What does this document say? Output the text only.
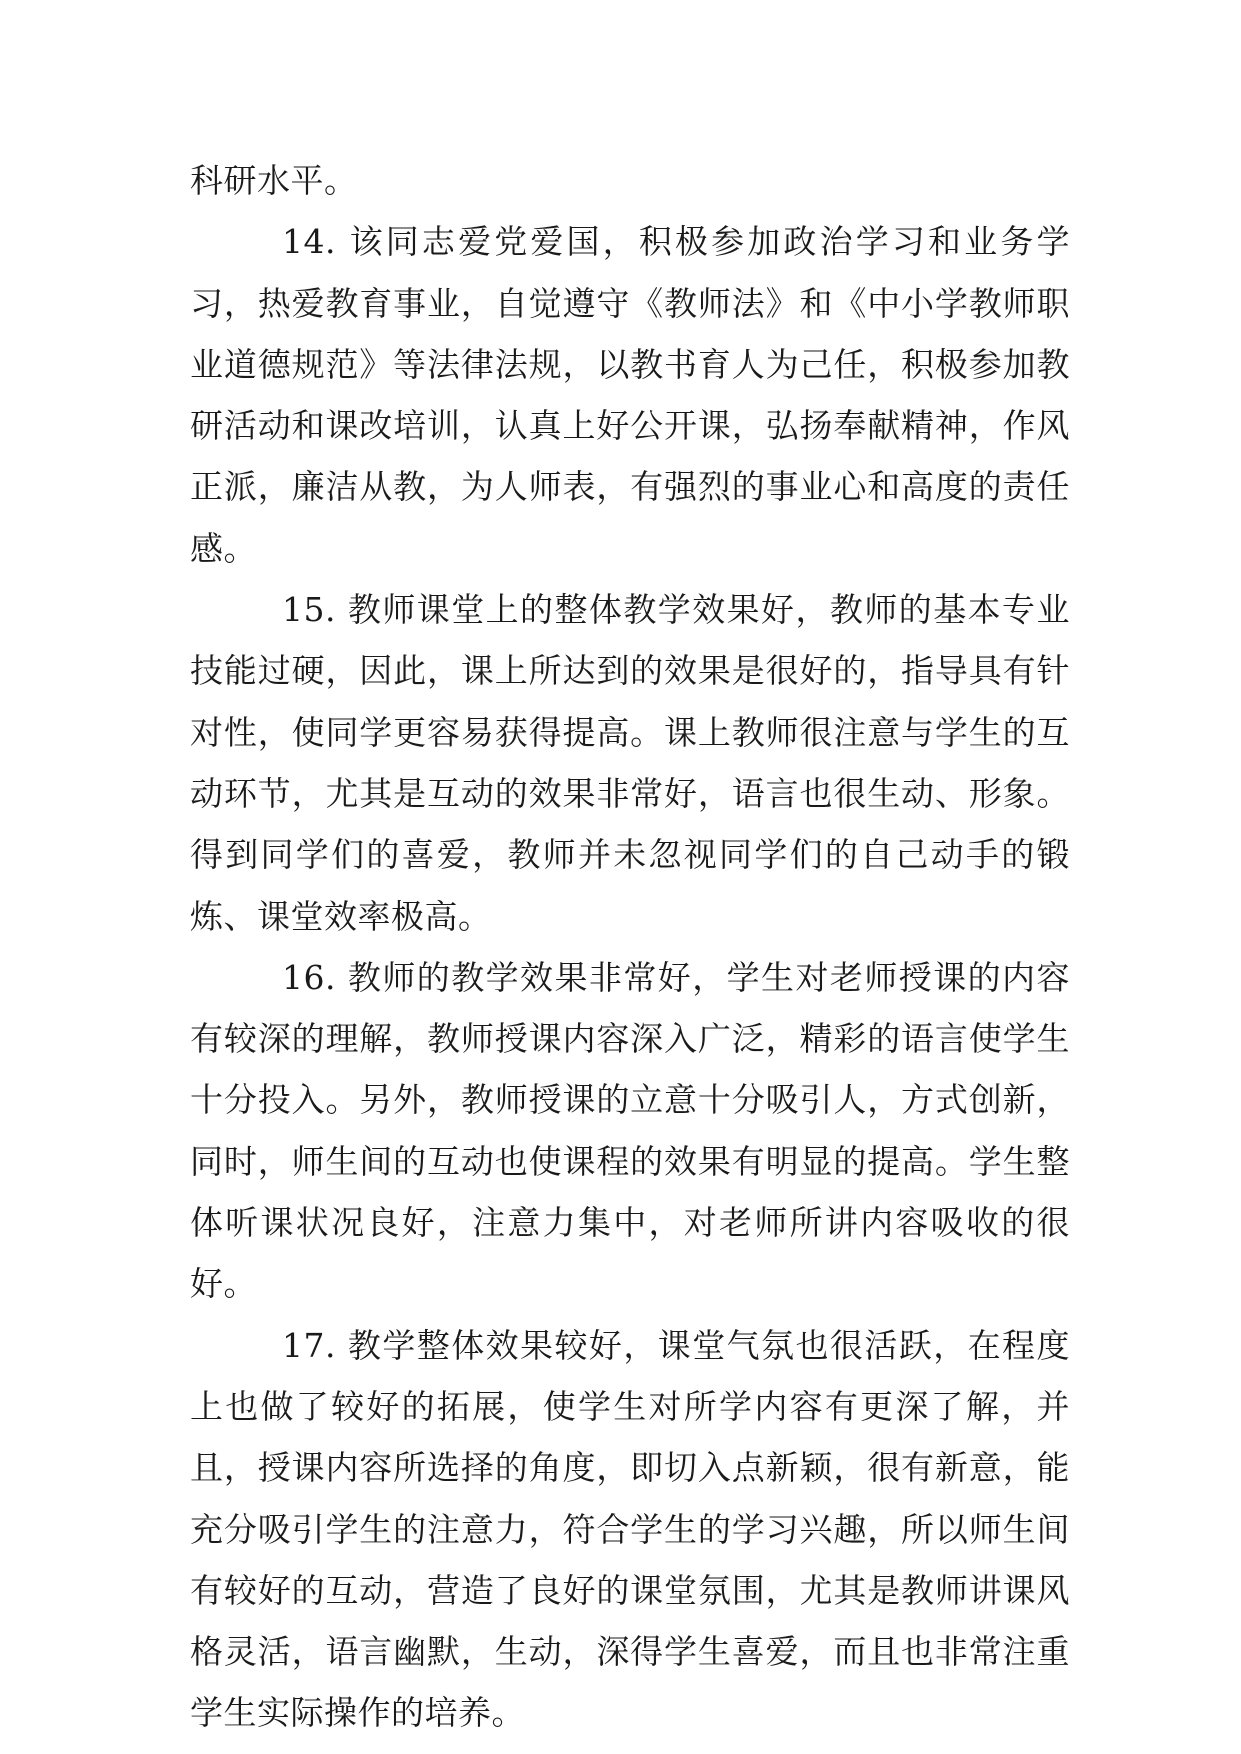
科研水平。

14. 该同志爱党爱国，积极参加政治学习和业务学习，热爱教育事业，自觉遵守《教师法》和《中小学教师职业道德规范》等法律法规，以教书育人为己任，积极参加教研活动和课改培训，认真上好公开课，弘扬奉献精神，作风正派，廉洁从教，为人师表，有强烈的事业心和高度的责任感。

15. 教师课堂上的整体教学效果好，教师的基本专业技能过硬，因此，课上所达到的效果是很好的，指导具有针对性，使同学更容易获得提高。课上教师很注意与学生的互动环节，尤其是互动的效果非常好，语言也很生动、形象。得到同学们的喜爱，教师并未忽视同学们的自己动手的锻炼、课堂效率极高。

16. 教师的教学效果非常好，学生对老师授课的内容有较深的理解，教师授课内容深入广泛，精彩的语言使学生十分投入。另外，教师授课的立意十分吸引人，方式创新，同时，师生间的互动也使课程的效果有明显的提高。学生整体听课状况良好，注意力集中，对老师所讲内容吸收的很好。

17. 教学整体效果较好，课堂气氛也很活跃，在程度上也做了较好的拓展，使学生对所学内容有更深了解，并且，授课内容所选择的角度，即切入点新颖，很有新意，能充分吸引学生的注意力，符合学生的学习兴趣，所以师生间有较好的互动，营造了良好的课堂氛围，尤其是教师讲课风格灵活，语言幽默，生动，深得学生喜爱，而且也非常注重学生实际操作的培养。
